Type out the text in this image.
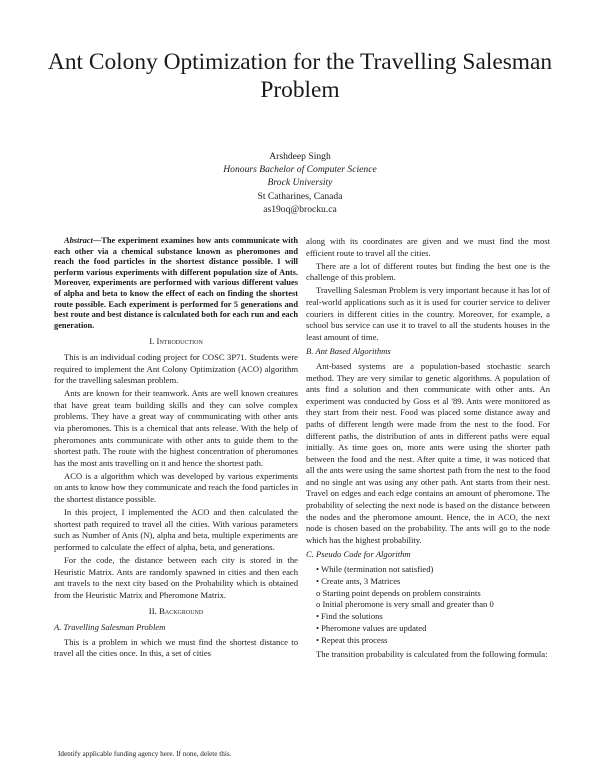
Ant Colony Optimization for the Travelling Salesman Problem
Arshdeep Singh
Honours Bachelor of Computer Science
Brock University
St Catharines, Canada
as19oq@brocku.ca

Abstract—The experiment examines how ants communicate with each other via a chemical substance known as pheromones and reach the food particles in the shortest distance possible. I will perform various experiments with different population size of Ants. Moreover, experiments are performed with various different values of alpha and beta to know the effect of each on finding the shortest route possible. Each experiment is performed for 5 generations and best route and best distance is calculated both for each run and each generation.

I. Introduction

This is an individual coding project for COSC 3P71. Students were required to implement the Ant Colony Optimization (ACO) algorithm for the travelling salesman problem.

Ants are known for their teamwork. Ants are well known creatures that have great team building skills and they can solve complex problems. They have a great way of communicating with other ants via pheromones. This is a chemical that ants release. With the help of pheromones ants communicate with other ants to guide them to the shortest path. The route with the highest concentration of pheromones has the most ants travelling on it and hence the shortest path.

ACO is a algorithm which was developed by various experiments on ants to know how they communicate and reach the food particles in the shortest distance possible.

In this project, I implemented the ACO and then calculated the shortest path required to travel all the cities. With various parameters such as Number of Ants (N), alpha and beta, multiple experiments are performed to calculate the effect of alpha, beta, and generations.

For the code, the distance between each city is stored in the Heuristic Matrix. Ants are randomly spawned in cities and then each ant travels to the next city based on the Probability which is obtained from the Heuristic Matrix and Pheromone Matrix.

II. Background
A. Travelling Salesman Problem

This is a problem in which we must find the shortest distance to travel all the cities once. In this, a set of cities

along with its coordinates are given and we must find the most efficient route to travel all the cities.

There are a lot of different routes but finding the best one is the challenge of this problem.

Travelling Salesman Problem is very important because it has lot of real-world applications such as it is used for courier service to deliver couriers in different cities in the country. Moreover, for example, a school bus service can use it to travel to all the students houses in the least amount of time.

B. Ant Based Algorithms

Ant-based systems are a population-based stochastic search method. They are very similar to genetic algorithms. A population of ants find a solution and then communicate with other ants. An experiment was conducted by Goss et al '89. Ants were monitored as they start from their nest. Food was placed some distance away and paths of different length were made from the nest to the food. For different paths, the distribution of ants in different paths were equal initially. As time goes on, more ants were using the shorter path between the food and the nest. After quite a time, it was noticed that all the ants were using the same shortest path from the nest to the food and no single ant was using any other path. Ant starts from their nest. Travel on edges and each edge contains an amount of pheromone. The probability of selecting the next node is based on the distance between the nodes and the pheromone amount. Hence, the in ACO, the next node is chosen based on the probability. The ants will go to the node which has the highest probability.

C. Pseudo Code for Algorithm
• While (termination not satisfied)
• Create ants, 3 Matrices
o Starting point depends on problem constraints
o Initial pheromone is very small and greater than 0
• Find the solutions
• Pheromone values are updated
• Repeat this process

The transition probability is calculated from the following formula:

Identify applicable funding agency here. If none, delete this.
